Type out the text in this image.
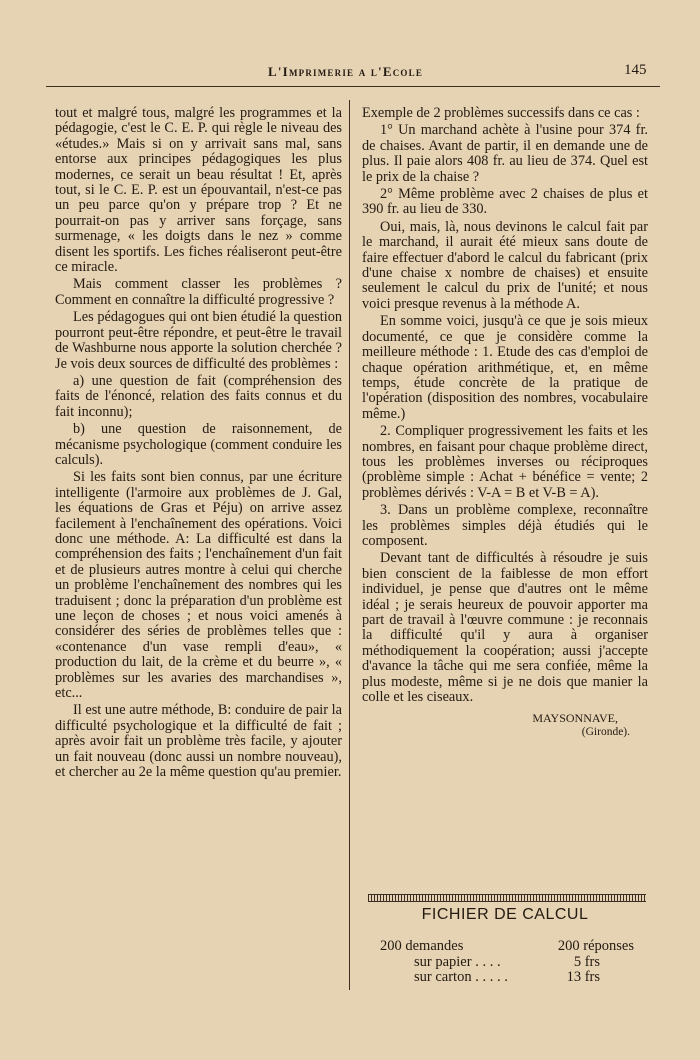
L'Imprimerie a l'Ecole	145

tout et malgré tous, malgré les programmes et la pédagogie, c'est le C. E. P. qui règle le niveau des «études.» Mais si on y arrivait sans mal, sans entorse aux principes pédagogiques les plus modernes, ce serait un beau résultat ! Et, après tout, si le C. E. P. est un épouvantail, n'est-ce pas un peu parce qu'on y prépare trop ? Et ne pourrait-on pas y arriver sans forçage, sans surmenage, « les doigts dans le nez » comme disent les sportifs. Les fiches réaliseront peut-être ce miracle.

Mais comment classer les problèmes ? Comment en connaître la difficulté progressive ?

Les pédagogues qui ont bien étudié la question pourront peut-être répondre, et peut-être le travail de Washburne nous apporte la solution cherchée ? Je vois deux sources de difficulté des problèmes :

a) une question de fait (compréhension des faits de l'énoncé, relation des faits connus et du fait inconnu);

b) une question de raisonnement, de mécanisme psychologique (comment conduire les calculs).

Si les faits sont bien connus, par une écriture intelligente (l'armoire aux problèmes de J. Gal, les équations de Gras et Péju) on arrive assez facilement à l'enchaînement des opérations. Voici donc une méthode. A: La difficulté est dans la compréhension des faits ; l'enchaînement d'un fait et de plusieurs autres montre à celui qui cherche un problème l'enchaînement des nombres qui les traduisent ; donc la préparation d'un problème est une leçon de choses ; et nous voici amenés à considérer des séries de problèmes telles que : «contenance d'un vase rempli d'eau», « production du lait, de la crème et du beurre », « problèmes sur les avaries des marchandises », etc...

Il est une autre méthode, B: conduire de pair la difficulté psychologique et la difficulté de fait ; après avoir fait un problème très facile, y ajouter un fait nouveau (donc aussi un nombre nouveau), et chercher au 2e la même question qu'au premier.

Exemple de 2 problèmes successifs dans ce cas :

1° Un marchand achète à l'usine pour 374 fr. de chaises. Avant de partir, il en demande une de plus. Il paie alors 408 fr. au lieu de 374. Quel est le prix de la chaise ?

2° Même problème avec 2 chaises de plus et 390 fr. au lieu de 330.

Oui, mais, là, nous devinons le calcul fait par le marchand, il aurait été mieux sans doute de faire effectuer d'abord le calcul du fabricant (prix d'une chaise x nombre de chaises) et ensuite seulement le calcul du prix de l'unité; et nous voici presque revenus à la méthode A.

En somme voici, jusqu'à ce que je sois mieux documenté, ce que je considère comme la meilleure méthode : 1. Etude des cas d'emploi de chaque opération arithmétique, et, en même temps, étude concrète de la pratique de l'opération (disposition des nombres, vocabulaire même.)

2. Compliquer progressivement les faits et les nombres, en faisant pour chaque problème direct, tous les problèmes inverses ou réciproques (problème simple : Achat + bénéfice = vente; 2 problèmes dérivés : V-A = B et V-B = A).

3. Dans un problème complexe, reconnaître les problèmes simples déjà étudiés qui le composent.

Devant tant de difficultés à résoudre je suis bien conscient de la faiblesse de mon effort individuel, je pense que d'autres ont le même idéal ; je serais heureux de pouvoir apporter ma part de travail à l'œuvre commune : je reconnais la difficulté qu'il y aura à organiser méthodiquement la coopération; aussi j'accepte d'avance la tâche qui me sera confiée, même la plus modeste, même si je ne dois que manier la colle et les ciseaux.

MAYSONNAVE,
(Gironde).
FICHIER DE CALCUL
200 demandes	200 réponses
sur papier . . . .	5 frs
sur carton . . . . .	13 frs
